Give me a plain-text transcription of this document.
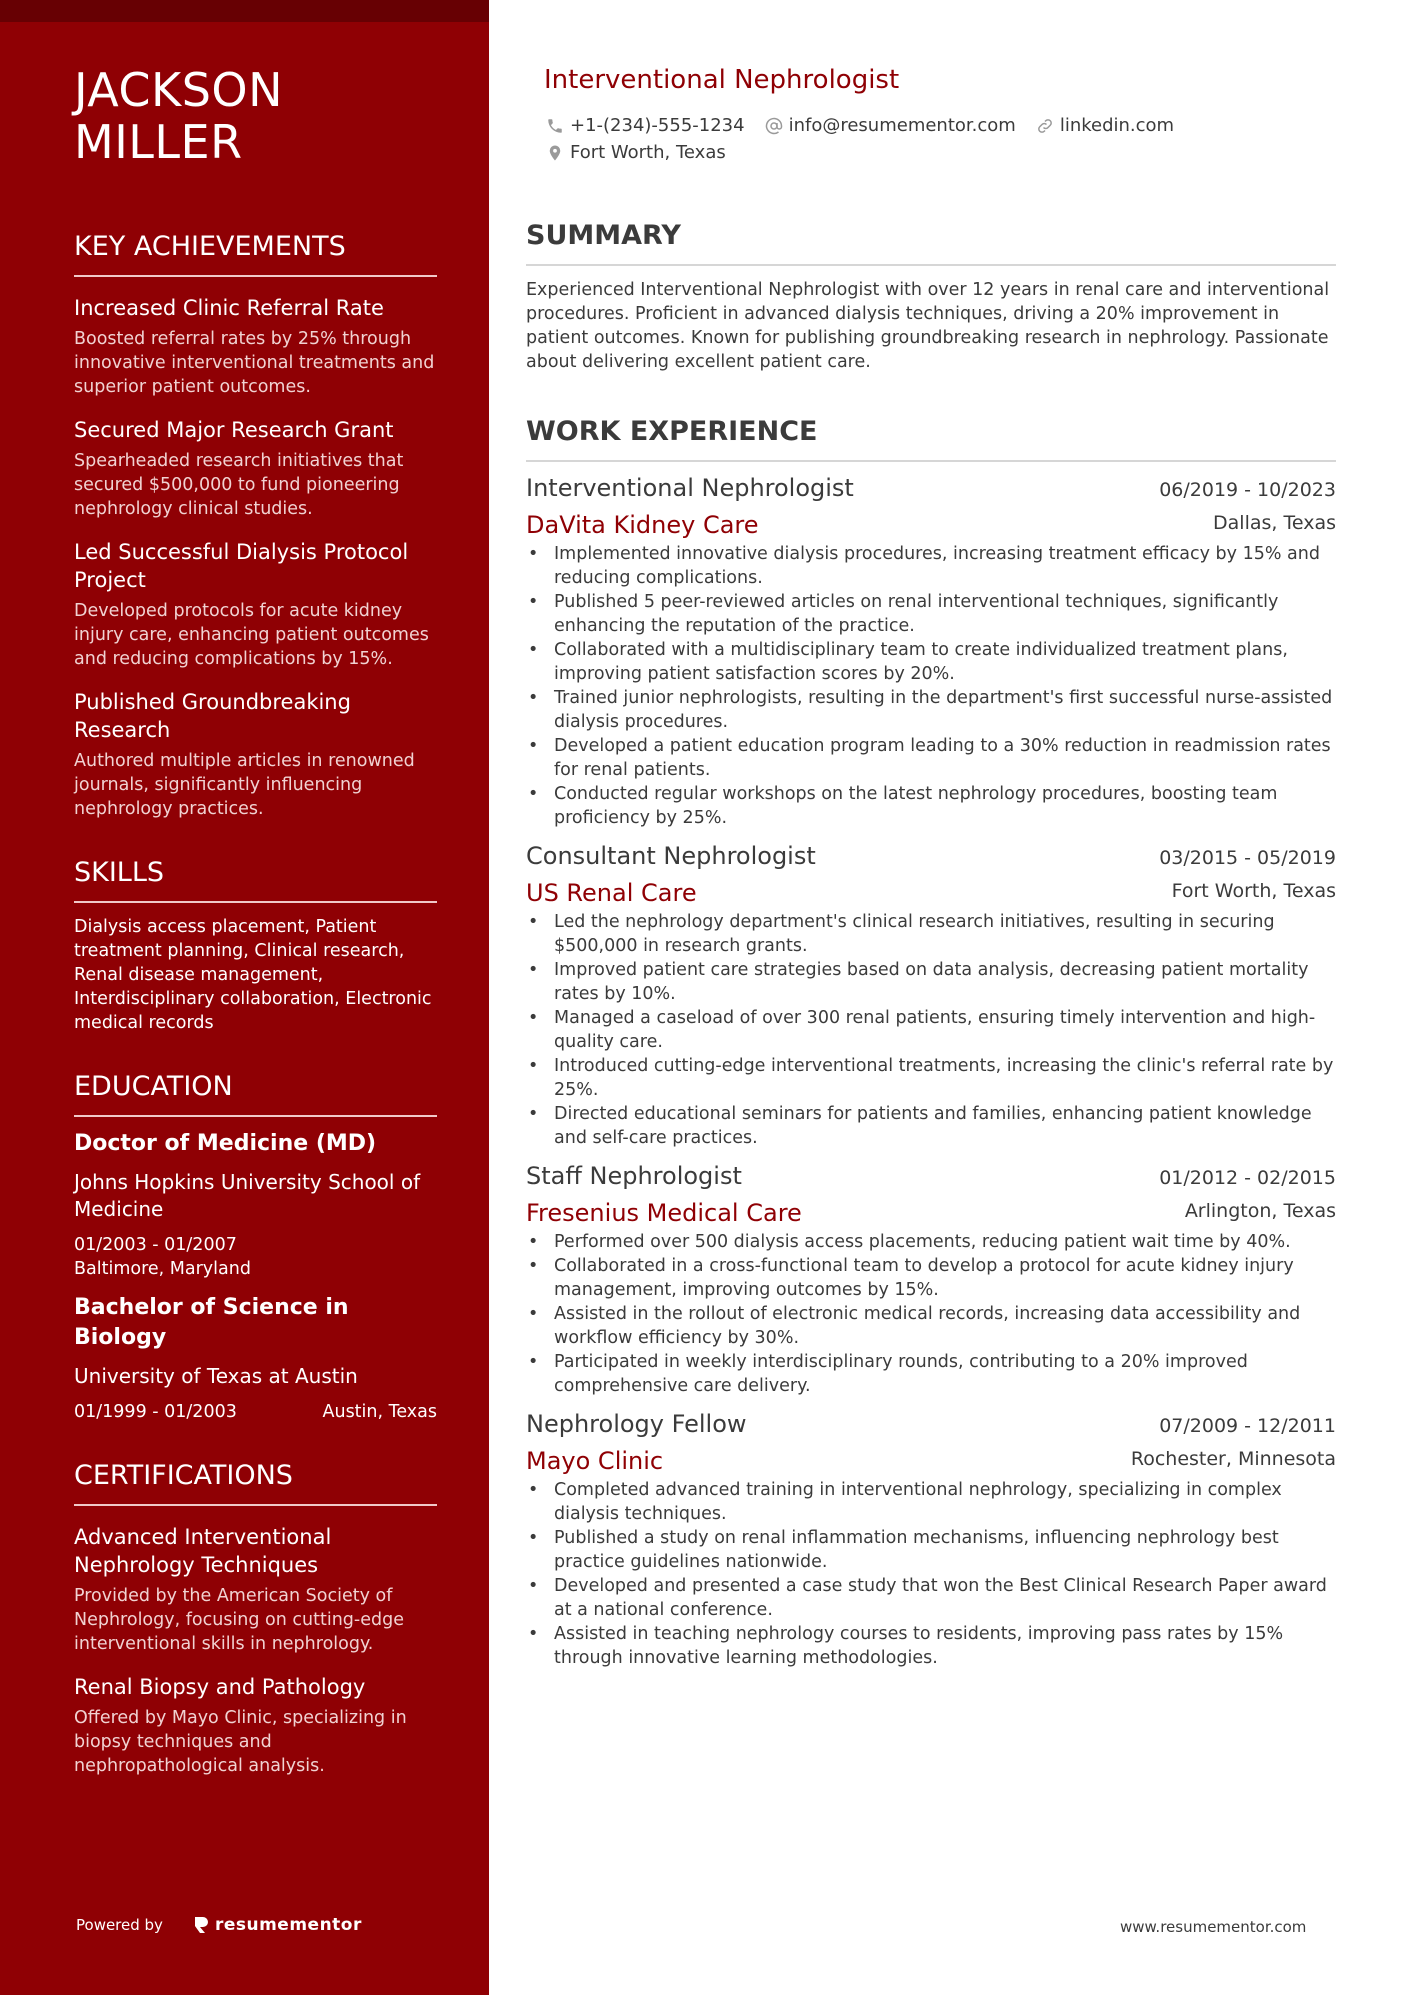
JACKSON
MILLER
KEY ACHIEVEMENTS
Increased Clinic Referral Rate
Boosted referral rates by 25% through innovative interventional treatments and superior patient outcomes.
Secured Major Research Grant
Spearheaded research initiatives that secured $500,000 to fund pioneering nephrology clinical studies.
Led Successful Dialysis Protocol Project
Developed protocols for acute kidney injury care, enhancing patient outcomes and reducing complications by 15%.
Published Groundbreaking Research
Authored multiple articles in renowned journals, significantly influencing nephrology practices.
SKILLS
Dialysis access placement, Patient treatment planning, Clinical research, Renal disease management, Interdisciplinary collaboration, Electronic medical records
EDUCATION
Doctor of Medicine (MD)
Johns Hopkins University School of Medicine
01/2003 - 01/2007
Baltimore, Maryland
Bachelor of Science in Biology
University of Texas at Austin
01/1999 - 01/2003	Austin, Texas
CERTIFICATIONS
Advanced Interventional Nephrology Techniques
Provided by the American Society of Nephrology, focusing on cutting-edge interventional skills in nephrology.
Renal Biopsy and Pathology
Offered by Mayo Clinic, specializing in biopsy techniques and nephropathological analysis.
Powered by	resumementor
Interventional Nephrologist
+1-(234)-555-1234 info@resumementor.com linkedin.com
Fort Worth, Texas
SUMMARY

Experienced Interventional Nephrologist with over 12 years in renal care and interventional procedures. Proficient in advanced dialysis techniques, driving a 20% improvement in patient outcomes. Known for publishing groundbreaking research in nephrology. Passionate about delivering excellent patient care.

WORK EXPERIENCE
Interventional Nephrologist	06/2019 - 10/2023
DaVita Kidney Care	Dallas, Texas
• Implemented innovative dialysis procedures, increasing treatment efficacy by 15% and reducing complications.
• Published 5 peer-reviewed articles on renal interventional techniques, significantly enhancing the reputation of the practice.
• Collaborated with a multidisciplinary team to create individualized treatment plans, improving patient satisfaction scores by 20%.
• Trained junior nephrologists, resulting in the department's first successful nurse-assisted dialysis procedures.
• Developed a patient education program leading to a 30% reduction in readmission rates for renal patients.
• Conducted regular workshops on the latest nephrology procedures, boosting team proficiency by 25%.
Consultant Nephrologist	03/2015 - 05/2019
US Renal Care	Fort Worth, Texas
• Led the nephrology department's clinical research initiatives, resulting in securing $500,000 in research grants.
• Improved patient care strategies based on data analysis, decreasing patient mortality rates by 10%.
• Managed a caseload of over 300 renal patients, ensuring timely intervention and high-quality care.
• Introduced cutting-edge interventional treatments, increasing the clinic's referral rate by 25%.
• Directed educational seminars for patients and families, enhancing patient knowledge and self-care practices.
Staff Nephrologist	01/2012 - 02/2015
Fresenius Medical Care	Arlington, Texas
• Performed over 500 dialysis access placements, reducing patient wait time by 40%.
• Collaborated in a cross-functional team to develop a protocol for acute kidney injury management, improving outcomes by 15%.
• Assisted in the rollout of electronic medical records, increasing data accessibility and workflow efficiency by 30%.
• Participated in weekly interdisciplinary rounds, contributing to a 20% improved comprehensive care delivery.
Nephrology Fellow	07/2009 - 12/2011
Mayo Clinic	Rochester, Minnesota
• Completed advanced training in interventional nephrology, specializing in complex dialysis techniques.
• Published a study on renal inflammation mechanisms, influencing nephrology best practice guidelines nationwide.
• Developed and presented a case study that won the Best Clinical Research Paper award at a national conference.
• Assisted in teaching nephrology courses to residents, improving pass rates by 15% through innovative learning methodologies.
www.resumementor.com
